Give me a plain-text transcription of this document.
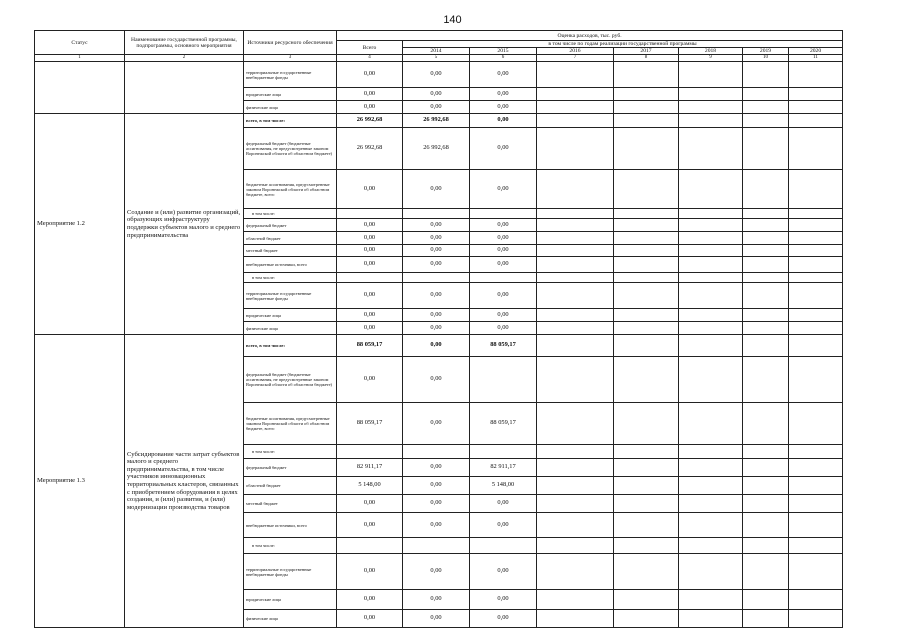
140
Статус	Наименование государственной программы, подпрограммы, основного мероприятия	Источники ресурсного обеспечения	Оценка расходов, тыс. руб.							
			Всего	в том числе по годам реализации государственной программы						
				2014	2015	2016	2017	2018	2019	2020
1	2	3	4	5	6	7	8	9	10	11
		территориальные государственные внебюджетные фонды	0,00	0,00	0,00					
		юридические лица	0,00	0,00	0,00					
		физические лица	0,00	0,00	0,00					
Мероприятие 1.2	Создание и (или) развитие организаций, образующих инфраструктуру поддержки субъектов малого и среднего предпринимательства	всего, в том числе:	26 992,68	26 992,68	0,00					
		федеральный бюджет (бюджетные ассигнования, не предусмотренные законом Воронежской области об областном бюджете)	26 992,68	26 992,68	0,00					
		бюджетные ассигнования, предусмотренные законом Воронежской области об областном бюджете, всего	0,00	0,00	0,00					
		в том числе:								
		федеральный бюджет	0,00	0,00	0,00					
		областной бюджет	0,00	0,00	0,00					
		местный бюджет	0,00	0,00	0,00					
		внебюджетные источники, всего	0,00	0,00	0,00					
		в том числе:								
		территориальные государственные внебюджетные фонды	0,00	0,00	0,00					
		юридические лица	0,00	0,00	0,00					
		физические лица	0,00	0,00	0,00					
Мероприятие 1.3	Субсидирование части затрат субъектов малого и среднего предпринимательства, в том числе участников инновационных территориальных кластеров, связанных с приобретением оборудования в целях создания, и (или) развития, и (или) модернизации производства товаров	всего, в том числе:	88 059,17	0,00	88 059,17					
		федеральный бюджет (бюджетные ассигнования, не предусмотренные законом Воронежской области об областном бюджете)	0,00	0,00						
		бюджетные ассигнования, предусмотренные законом Воронежской области об областном бюджете, всего	88 059,17	0,00	88 059,17					
		в том числе:								
		федеральный бюджет	82 911,17	0,00	82 911,17					
		областной бюджет	5 148,00	0,00	5 148,00					
		местный бюджет	0,00	0,00	0,00					
		внебюджетные источники, всего	0,00	0,00	0,00					
		в том числе:								
		территориальные государственные внебюджетные фонды	0,00	0,00	0,00					
		юридические лица	0,00	0,00	0,00					
		физические лица	0,00	0,00	0,00					
